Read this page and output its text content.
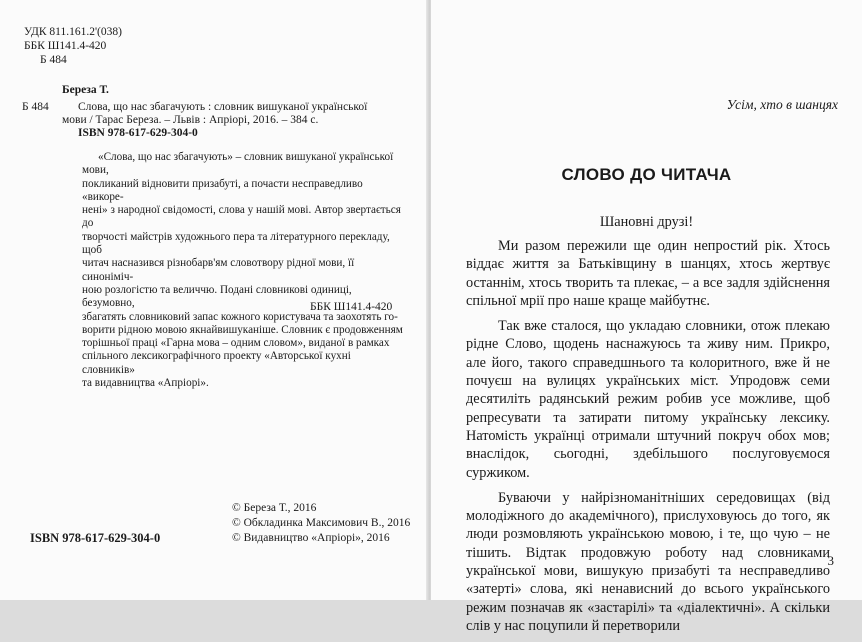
УДК 811.161.2'(038)
ББК Ш141.4-420
Б 484
Береза Т.
Б 484	Слова, що нас збагачують : словник вишуканої української
мови / Тарас Береза. – Львів : Апріорі, 2016. – 384 с.
ISBN 978-617-629-304-0
«Слова, що нас збагачують» – словник вишуканої української мови,
покликаний відновити призабуті, а почасти несправедливо «викоре-
нені» з народної свідомості, слова у нашій мові. Автор звертається до
творчості майстрів художнього пера та літературного перекладу, щоб
читач насназився різнобарв'ям словотвору рідної мови, її синоніміч-
ною розлогістю та величчю. Подані словникові одиниці, безумовно,
збагатять словниковий запас кожного користувача та заохотять го-
ворити рідною мовою якнайвишуканіше. Словник є продовженням
торішньої праці «Гарна мова – одним словом», виданої в рамках
спільного лексикографічного проекту «Авторської кухні словників»
та видавництва «Апріорі».
ББК Ш141.4-420
© Береза Т., 2016
© Обкладинка Максимович В., 2016
© Видавництво «Апріорі», 2016
ISBN 978-617-629-304-0
Усім, хто в шанцях
СЛОВО ДО ЧИТАЧА
Шановні друзі!

Ми разом пережили ще один непростий рік. Хтось віддає життя за Батьківщину в шанцях, хтось жертвує останнім, хтось творить та плекає, – а все задля здійснення спільної мрії про наше краще майбутнє.

Так вже сталося, що укладаю словники, отож плекаю рідне Слово, щодень наснажуюсь та живу ним. Прикро, але його, такого справедшнього та колоритного, вже й не почуєш на вулицях українських міст. Упродовж семи десятиліть радянський режим робив усе можливе, щоб репресувати та затирати питому українську лексику. Натомість українці отримали штучний покруч обох мов; внаслідок, сьогодні, здебільшого послуговуємося суржиком.

Буваючи у найрізноманітніших середовищах (від молодіжного до академічного), прислуховуюсь до того, як люди розмовляють українською мовою, і те, що чую – не тішить. Відтак продовжую роботу над словниками української мови, вишукую призабуті та несправедливо «затерті» слова, які ненависний до всього українського режим позначав як «застарілі» та «діалектичні». А скільки слів у нас поцупили й перетворили

3
